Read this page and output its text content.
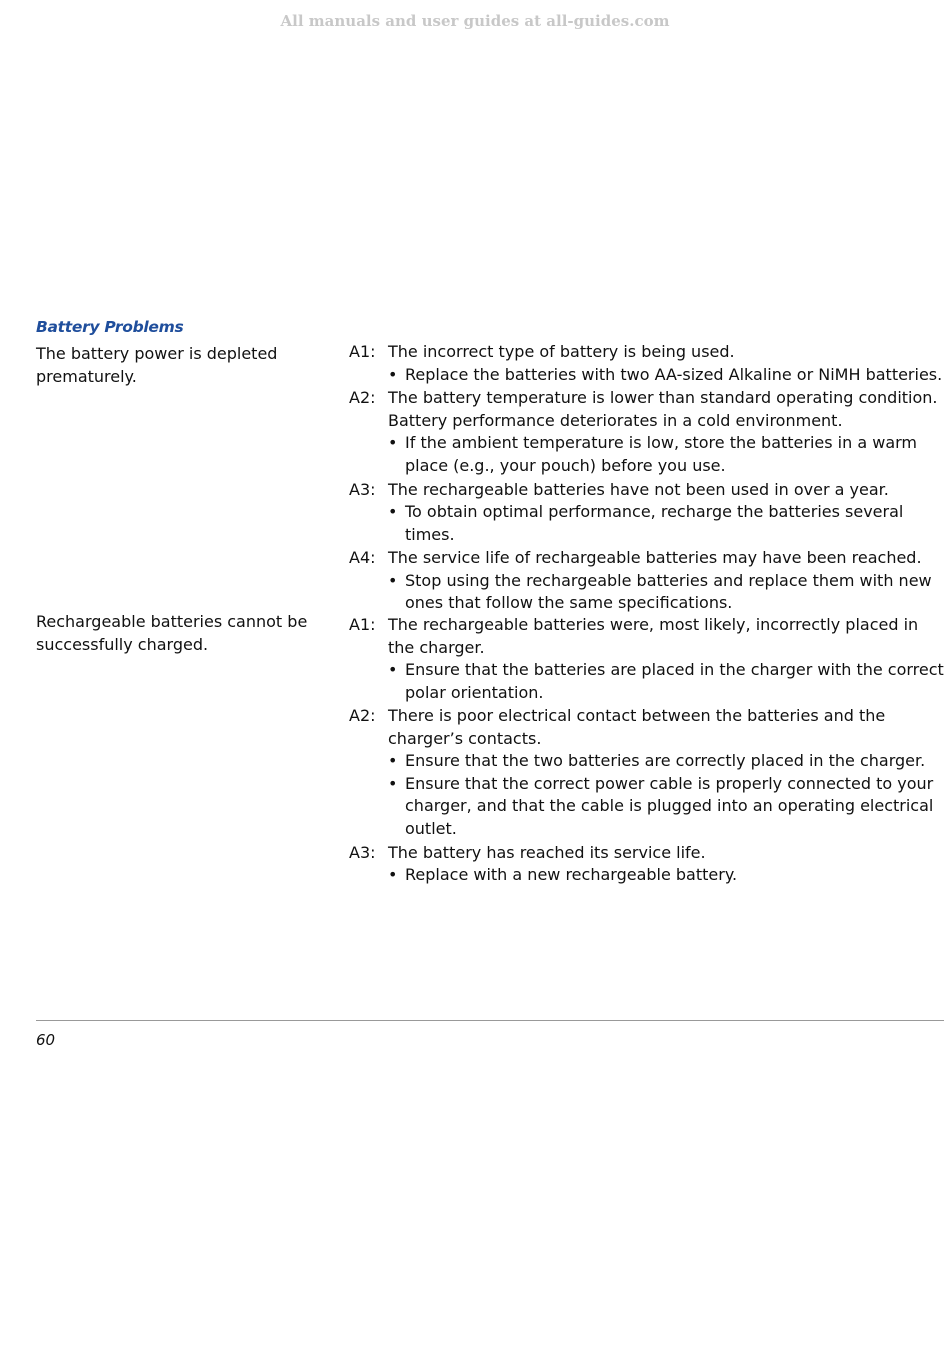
All manuals and user guides at all-guides.com
Battery Problems
The battery power is depleted prematurely.
A1: The incorrect type of battery is being used.
• Replace the batteries with two AA-sized Alkaline or NiMH batteries.
A2: The battery temperature is lower than standard operating condition. Battery performance deteriorates in a cold environment.
• If the ambient temperature is low, store the batteries in a warm place (e.g., your pouch) before you use.
A3: The rechargeable batteries have not been used in over a year.
• To obtain optimal performance, recharge the batteries several times.
A4: The service life of rechargeable batteries may have been reached.
• Stop using the rechargeable batteries and replace them with new ones that follow the same specifications.
Rechargeable batteries cannot be successfully charged.
A1: The rechargeable batteries were, most likely, incorrectly placed in the charger.
• Ensure that the batteries are placed in the charger with the correct polar orientation.
A2: There is poor electrical contact between the batteries and the charger’s contacts.
• Ensure that the two batteries are correctly placed in the charger.
• Ensure that the correct power cable is properly connected to your charger, and that the cable is plugged into an operating electrical outlet.
A3: The battery has reached its service life.
• Replace with a new rechargeable battery.
60
